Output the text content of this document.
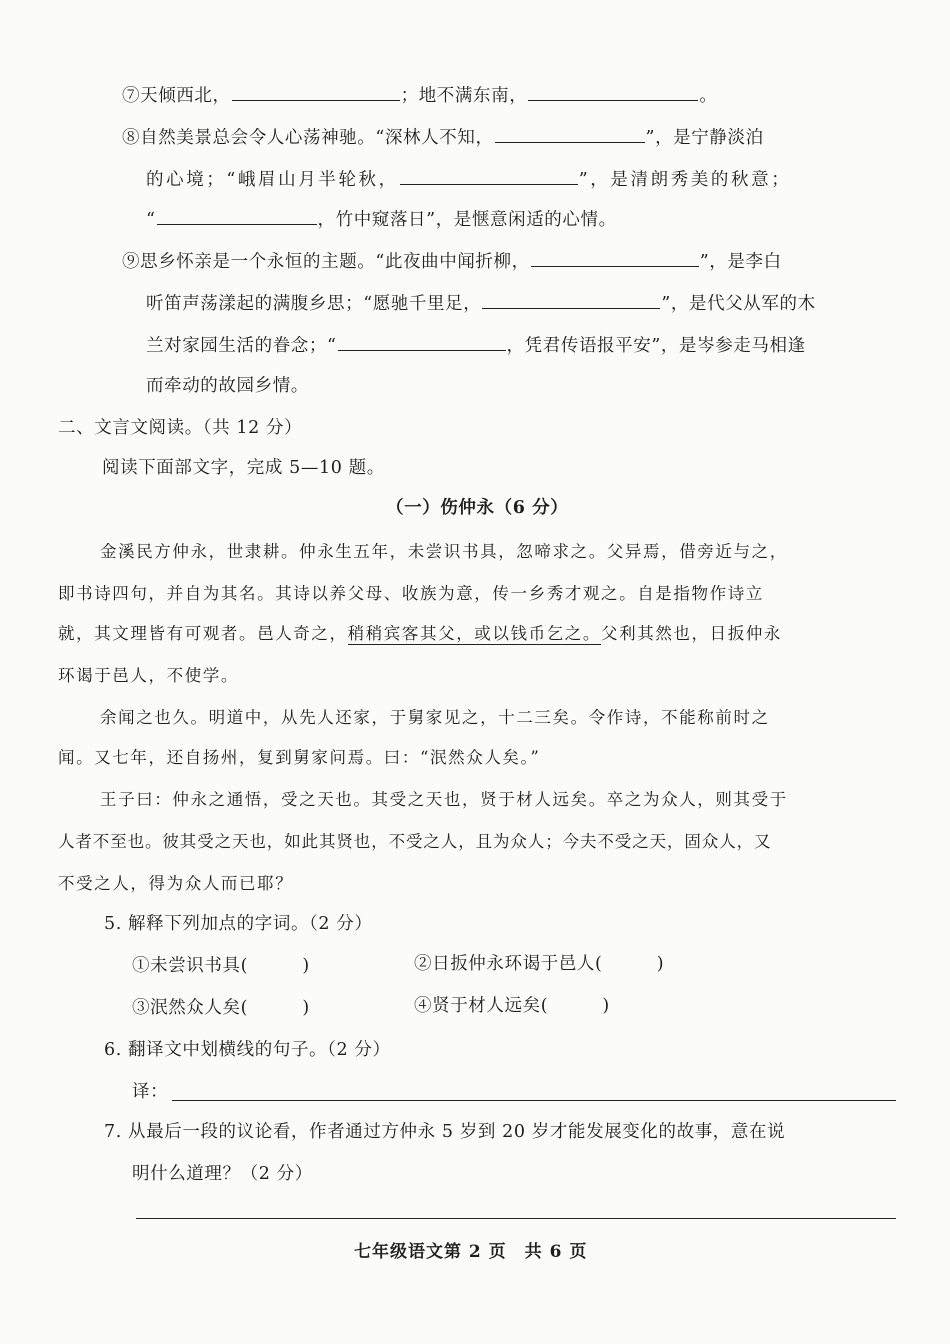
⑦天倾西北，	；地不满东南，	。
⑧自然美景总会令人心荡神驰。“深林人不知，	”，是宁静淡泊
的心境；“峨眉山月半轮秋，	”，是清朗秀美的秋意；
“	，竹中窥落日”，是惬意闲适的心情。
⑨思乡怀亲是一个永恒的主题。“此夜曲中闻折柳，	”，是李白
听笛声荡漾起的满腹乡思；“愿驰千里足，	”，是代父从军的木
兰对家园生活的眷念；“	，凭君传语报平安”，是岑参走马相逢
而牵动的故园乡情。
二、文言文阅读。（共 12 分）
阅读下面部文字，完成 5—10 题。
（一）伤仲永（6 分）
金溪民方仲永，世隶耕。仲永生五年，未尝识书具，忽啼求之。父异焉，借旁近与之，
即书诗四句，并自为其名。其诗以养父母、收族为意，传一乡秀才观之。自是指物作诗立
就，其文理皆有可观者。邑人奇之，稍稍宾客其父，或以钱币乞之。父利其然也，日扳仲永
环谒于邑人，不使学。
余闻之也久。明道中，从先人还家，于舅家见之，十二三矣。令作诗，不能称前时之
闻。又七年，还自扬州，复到舅家问焉。曰：“泯然众人矣。”
王子曰：仲永之通悟，受之天也。其受之天也，贤于材人远矣。卒之为众人，则其受于
人者不至也。彼其受之天也，如此其贤也，不受之人，且为众人；今夫不受之天，固众人，又
不受之人，得为众人而已耶？
5. 解释下列加点的字词。（2 分）
①未尝识书具(　　　)	②日扳仲永环谒于邑人(　　　)
③泯然众人矣(　　　)	④贤于材人远矣(　　　)
6. 翻译文中划横线的句子。（2 分）
译：
7. 从最后一段的议论看，作者通过方仲永 5 岁到 20 岁才能发展变化的故事，意在说
明什么道理？（2 分）
七年级语文第 2 页　共 6 页
